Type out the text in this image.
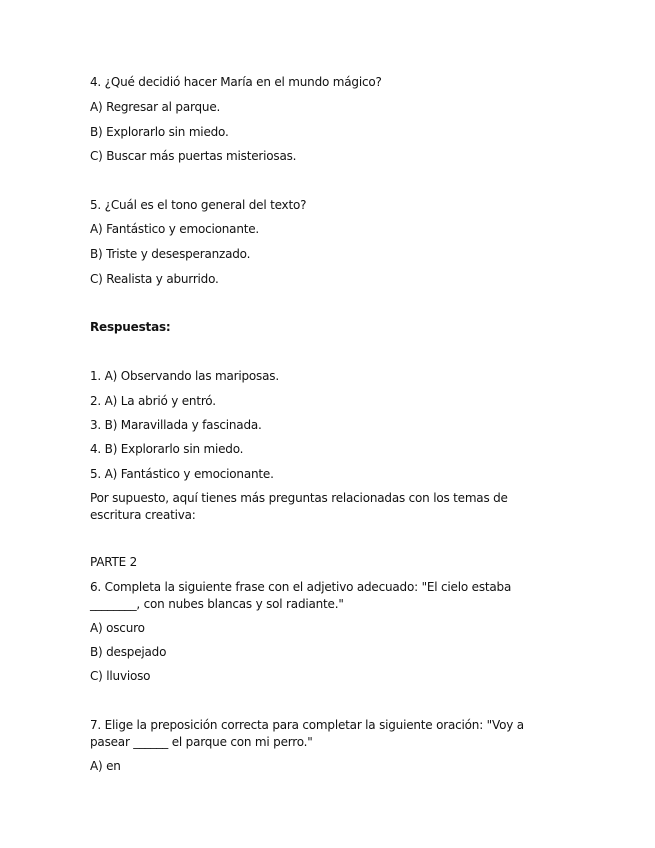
4. ¿Qué decidió hacer María en el mundo mágico?
A) Regresar al parque.
B) Explorarlo sin miedo.
C) Buscar más puertas misteriosas.
5. ¿Cuál es el tono general del texto?
A) Fantástico y emocionante.
B) Triste y desesperanzado.
C) Realista y aburrido.
Respuestas:
1. A) Observando las mariposas.
2. A) La abrió y entró.
3. B) Maravillada y fascinada.
4. B) Explorarlo sin miedo.
5. A) Fantástico y emocionante.
Por supuesto, aquí tienes más preguntas relacionadas con los temas de escritura creativa:
PARTE 2
6. Completa la siguiente frase con el adjetivo adecuado: "El cielo estaba ________, con nubes blancas y sol radiante."
A) oscuro
B) despejado
C) lluvioso
7. Elige la preposición correcta para completar la siguiente oración: "Voy a pasear ______ el parque con mi perro."
A) en
